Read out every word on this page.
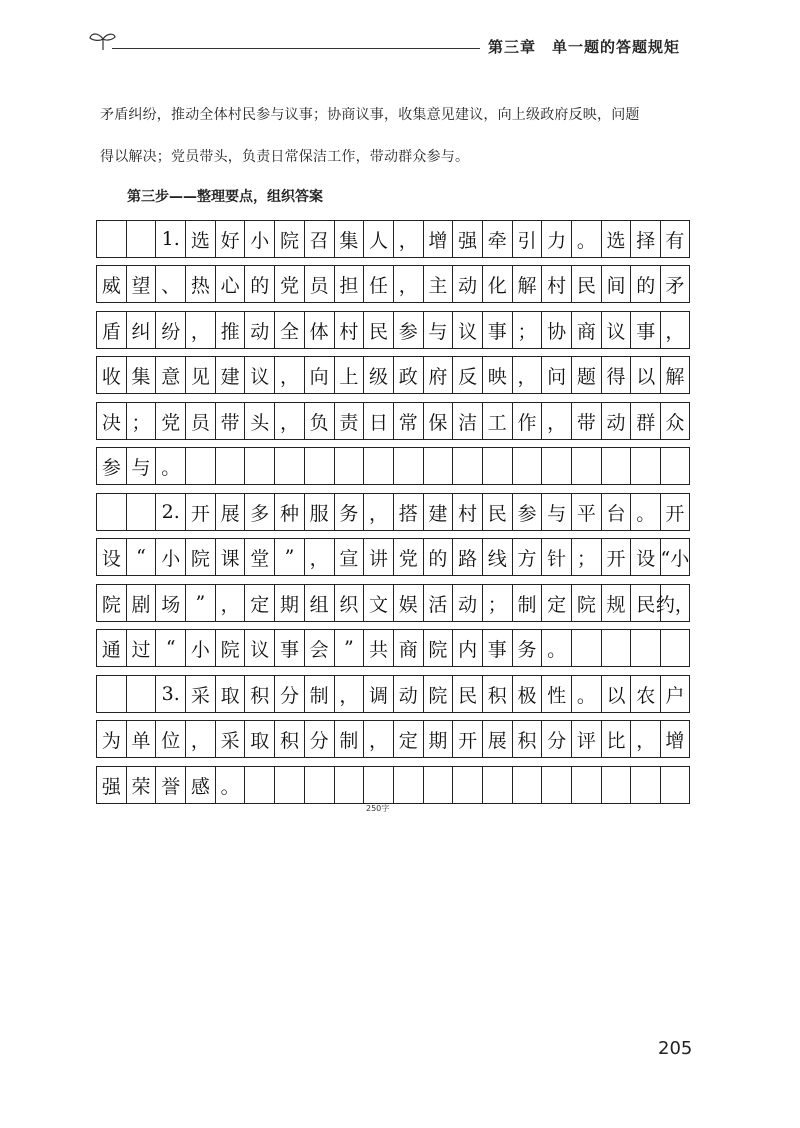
第三章　单一题的答题规矩
矛盾纠纷，推动全体村民参与议事；协商议事，收集意见建议，向上级政府反映，问题
得以解决；党员带头，负责日常保洁工作，带动群众参与。
第三步——整理要点，组织答案
1. 选 好 小 院 召 集 人 ， 增 强 牵 引 力 。 选 择 有
威 望 、 热 心 的 党 员 担 任 ， 主 动 化 解 村 民 间 的 矛
盾 纠 纷 ， 推 动 全 体 村 民 参 与 议 事 ； 协 商 议 事 ，
收 集 意 见 建 议 ， 向 上 级 政 府 反 映 ， 问 题 得 以 解
决 ； 党 员 带 头 ， 负 责 日 常 保 洁 工 作 ， 带 动 群 众
参 与 。
2. 开 展 多 种 服 务 ， 搭 建 村 民 参 与 平 台 。 开
设 “ 小 院 课 堂 ” ， 宣 讲 党 的 路 线 方 针 ； 开 设 “小
院 剧 场 ” ， 定 期 组 织 文 娱 活 动 ； 制 定 院 规 民 约，
通 过 “ 小 院 议 事 会 ” 共 商 院 内 事 务 。
3. 采 取 积 分 制 ， 调 动 院 民 积 极 性 。 以 农 户
为 单 位 ， 采 取 积 分 制 ， 定 期 开 展 积 分 评 比 ， 增
强 荣 誉 感 。
250字
205
